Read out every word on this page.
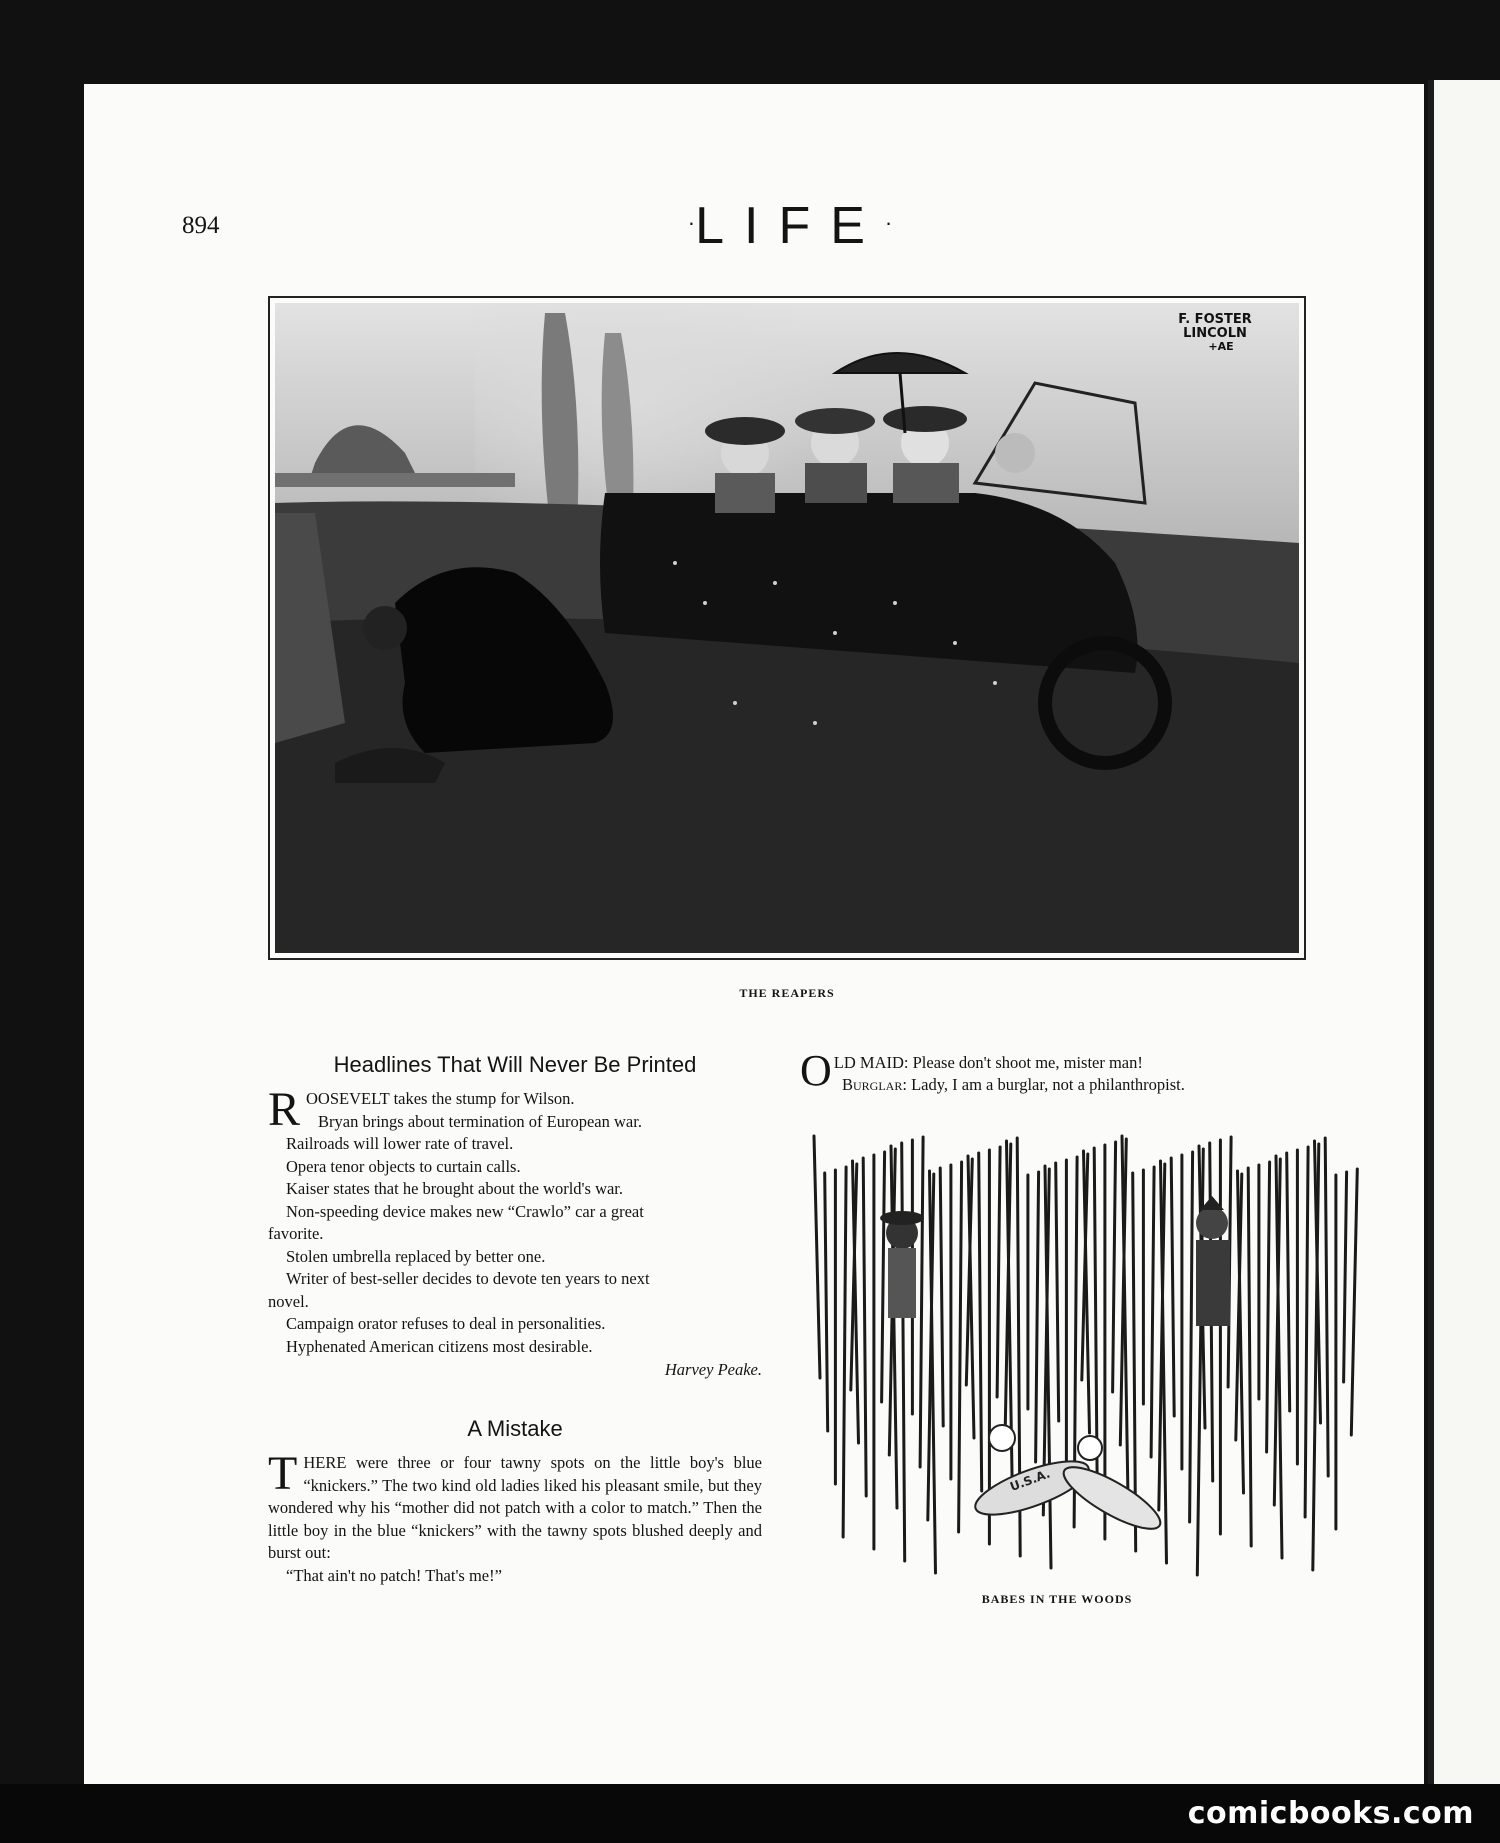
894	·LIFE·
F. FOSTER
LINCOLN
+AE
THE REAPERS
Headlines That Will Never Be Printed
R OOSEVELT takes the stump for Wilson.

Bryan brings about termination of European war.

Railroads will lower rate of travel.

Opera tenor objects to curtain calls.

Kaiser states that he brought about the world's war.

Non-speeding device makes new “Crawlo” car a great

favorite.

Stolen umbrella replaced by better one.

Writer of best-seller decides to devote ten years to next

novel.

Campaign orator refuses to deal in personalities.

Hyphenated American citizens most desirable.

Harvey Peake.

A Mistake

THERE were three or four tawny spots on the little boy's blue “knickers.” The two kind old ladies liked his pleasant smile, but they wondered why his “mother did not patch with a color to match.” Then the little boy in the blue “knickers” with the tawny spots blushed deeply and burst out:

“That ain't no patch! That's me!”

OLD MAID: Please don't shoot me, mister man!

Burglar: Lady, I am a burglar, not a philanthropist.

U.S.A.
BABES IN THE WOODS
comicbooks.com
